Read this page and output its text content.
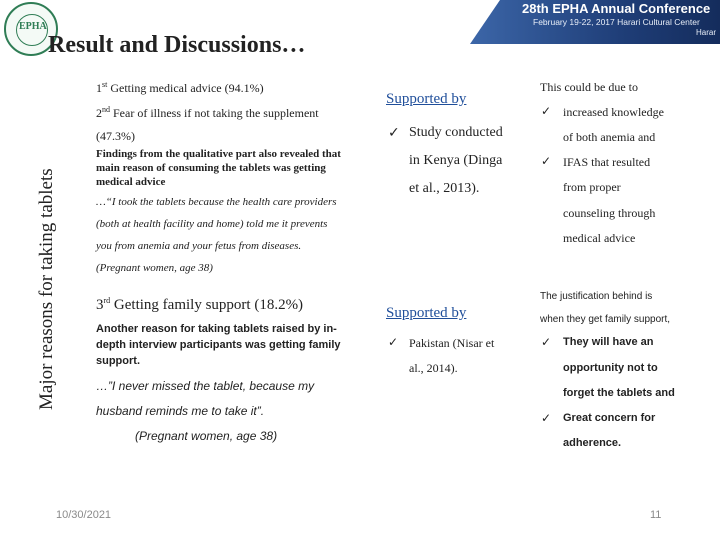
EPHA
28th EPHA Annual Conference
February 19-22, 2017 Harari Cultural Center
Harar
Result and Discussions…
Major reasons for taking tablets
1st Getting medical advice (94.1%)
2nd Fear of illness if not taking the supplement
(47.3%)
Findings from the qualitative part also revealed that
main reason of consuming the tablets was getting
medical advice
…“I took the tablets because the health care providers
(both at health facility and home) told me it prevents
you from anemia and your fetus from diseases.
(Pregnant women, age 38)
3rd Getting family support (18.2%)
Another reason for taking tablets raised by in-
depth interview participants was getting family
support.
…”I never missed the tablet, because my
husband reminds me to take it”.
(Pregnant women, age 38)
Supported by
✓ Study conducted
in Kenya (Dinga
et al., 2013).
Supported by
✓ Pakistan (Nisar et
al., 2014).
This could be due to
✓ increased knowledge
of both anemia and
✓ IFAS that resulted
from proper
counseling through
medical advice
The justification behind is
when they get family support,
✓ They will have an
opportunity not to
forget the tablets and
✓ Great concern for
adherence.
10/30/2021	11
